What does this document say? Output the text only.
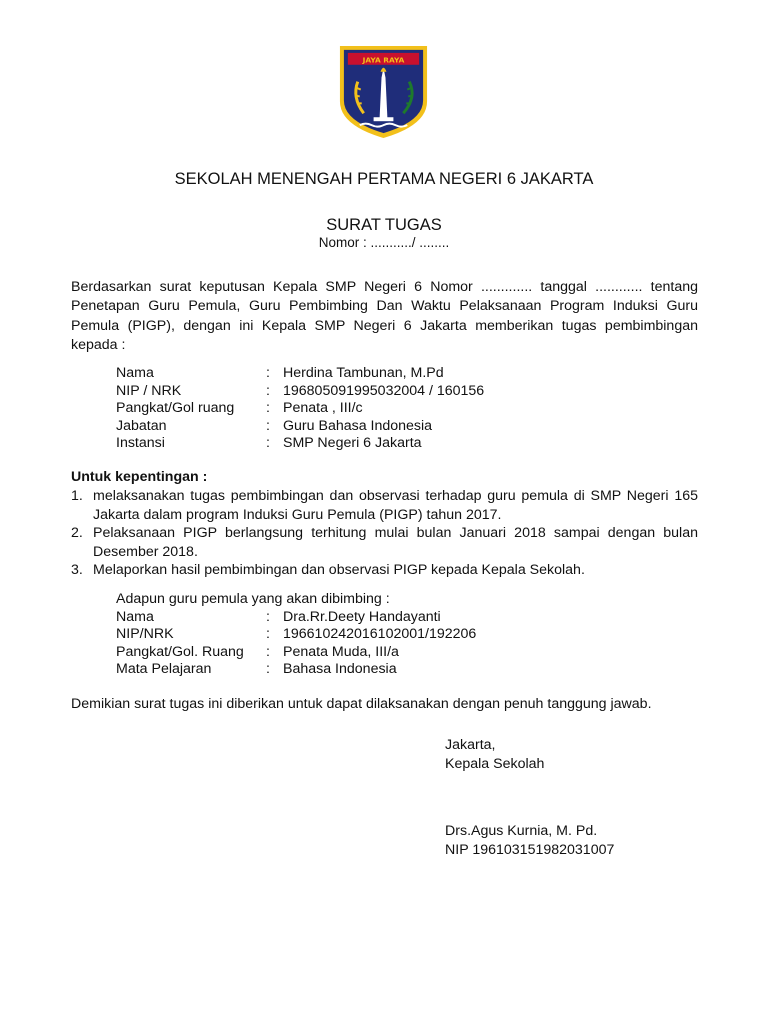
JAYA RAYA
SEKOLAH MENENGAH PERTAMA NEGERI 6 JAKARTA
SURAT TUGAS
Nomor : .........../ ........

Berdasarkan surat keputusan Kepala SMP Negeri 6 Nomor ............. tanggal ............ tentang Penetapan Guru Pemula, Guru Pembimbing Dan Waktu Pelaksanaan Program Induksi Guru Pemula (PIGP), dengan ini Kepala SMP Negeri 6 Jakarta memberikan tugas pembimbingan kepada :

Nama	: Herdina Tambunan, M.Pd
NIP / NRK	: 196805091995032004 / 160156
Pangkat/Gol ruang	: Penata , III/c
Jabatan	: Guru Bahasa Indonesia
Instansi	: SMP Negeri 6 Jakarta
Untuk kepentingan :
1. melaksanakan tugas pembimbingan dan observasi terhadap guru pemula di SMP Negeri 165 Jakarta dalam program Induksi Guru Pemula (PIGP) tahun 2017.
2. Pelaksanaan PIGP berlangsung terhitung mulai bulan Januari 2018 sampai dengan bulan Desember 2018.
3. Melaporkan hasil pembimbingan dan observasi PIGP kepada Kepala Sekolah.
Adapun guru pemula yang akan dibimbing :
Nama	: Dra.Rr.Deety Handayanti
NIP/NRK	: 196610242016102001/192206
Pangkat/Gol. Ruang	: Penata Muda, III/a
Mata Pelajaran	: Bahasa Indonesia
Demikian surat tugas ini diberikan untuk dapat dilaksanakan dengan penuh tanggung jawab.
Jakarta,
Kepala Sekolah
Drs.Agus Kurnia, M. Pd.
NIP 196103151982031007
